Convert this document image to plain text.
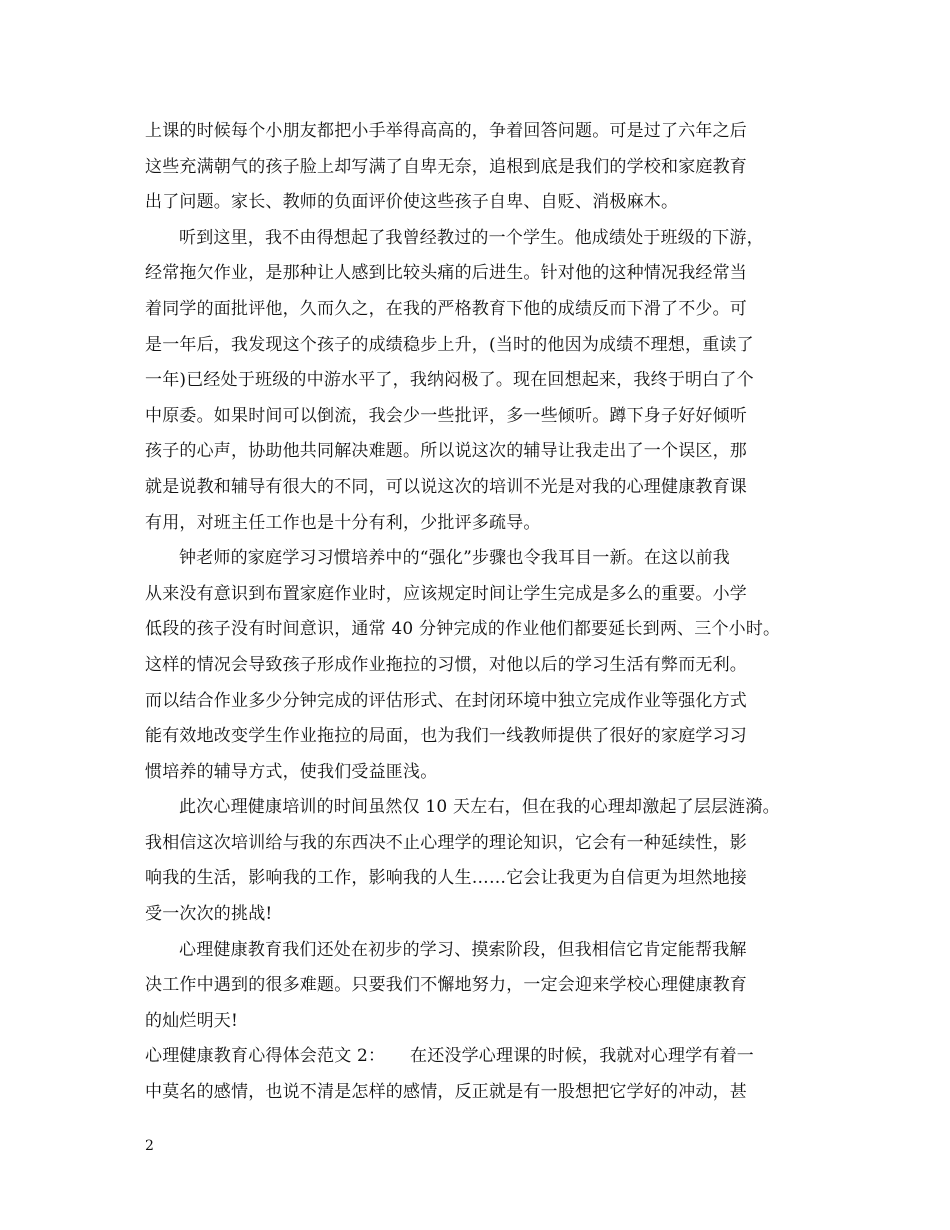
上课的时候每个小朋友都把小手举得高高的，争着回答问题。可是过了六年之后
这些充满朝气的孩子脸上却写满了自卑无奈，追根到底是我们的学校和家庭教育
出了问题。家长、教师的负面评价使这些孩子自卑、自贬、消极麻木。
听到这里，我不由得想起了我曾经教过的一个学生。他成绩处于班级的下游，
经常拖欠作业，是那种让人感到比较头痛的后进生。针对他的这种情况我经常当
着同学的面批评他，久而久之，在我的严格教育下他的成绩反而下滑了不少。可
是一年后，我发现这个孩子的成绩稳步上升，(当时的他因为成绩不理想，重读了
一年)已经处于班级的中游水平了，我纳闷极了。现在回想起来，我终于明白了个
中原委。如果时间可以倒流，我会少一些批评，多一些倾听。蹲下身子好好倾听
孩子的心声，协助他共同解决难题。所以说这次的辅导让我走出了一个误区，那
就是说教和辅导有很大的不同，可以说这次的培训不光是对我的心理健康教育课
有用，对班主任工作也是十分有利，少批评多疏导。
钟老师的家庭学习习惯培养中的“强化”步骤也令我耳目一新。在这以前我
从来没有意识到布置家庭作业时，应该规定时间让学生完成是多么的重要。小学
低段的孩子没有时间意识，通常 40 分钟完成的作业他们都要延长到两、三个小时。
这样的情况会导致孩子形成作业拖拉的习惯，对他以后的学习生活有弊而无利。
而以结合作业多少分钟完成的评估形式、在封闭环境中独立完成作业等强化方式
能有效地改变学生作业拖拉的局面，也为我们一线教师提供了很好的家庭学习习
惯培养的辅导方式，使我们受益匪浅。
此次心理健康培训的时间虽然仅 10 天左右，但在我的心理却激起了层层涟漪。
我相信这次培训给与我的东西决不止心理学的理论知识，它会有一种延续性，影
响我的生活，影响我的工作，影响我的人生……它会让我更为自信更为坦然地接
受一次次的挑战!
心理健康教育我们还处在初步的学习、摸索阶段，但我相信它肯定能帮我解
决工作中遇到的很多难题。只要我们不懈地努力，一定会迎来学校心理健康教育
的灿烂明天!
心理健康教育心得体会范文 2： 在还没学心理课的时候，我就对心理学有着一
中莫名的感情，也说不清是怎样的感情，反正就是有一股想把它学好的冲动，甚
2
